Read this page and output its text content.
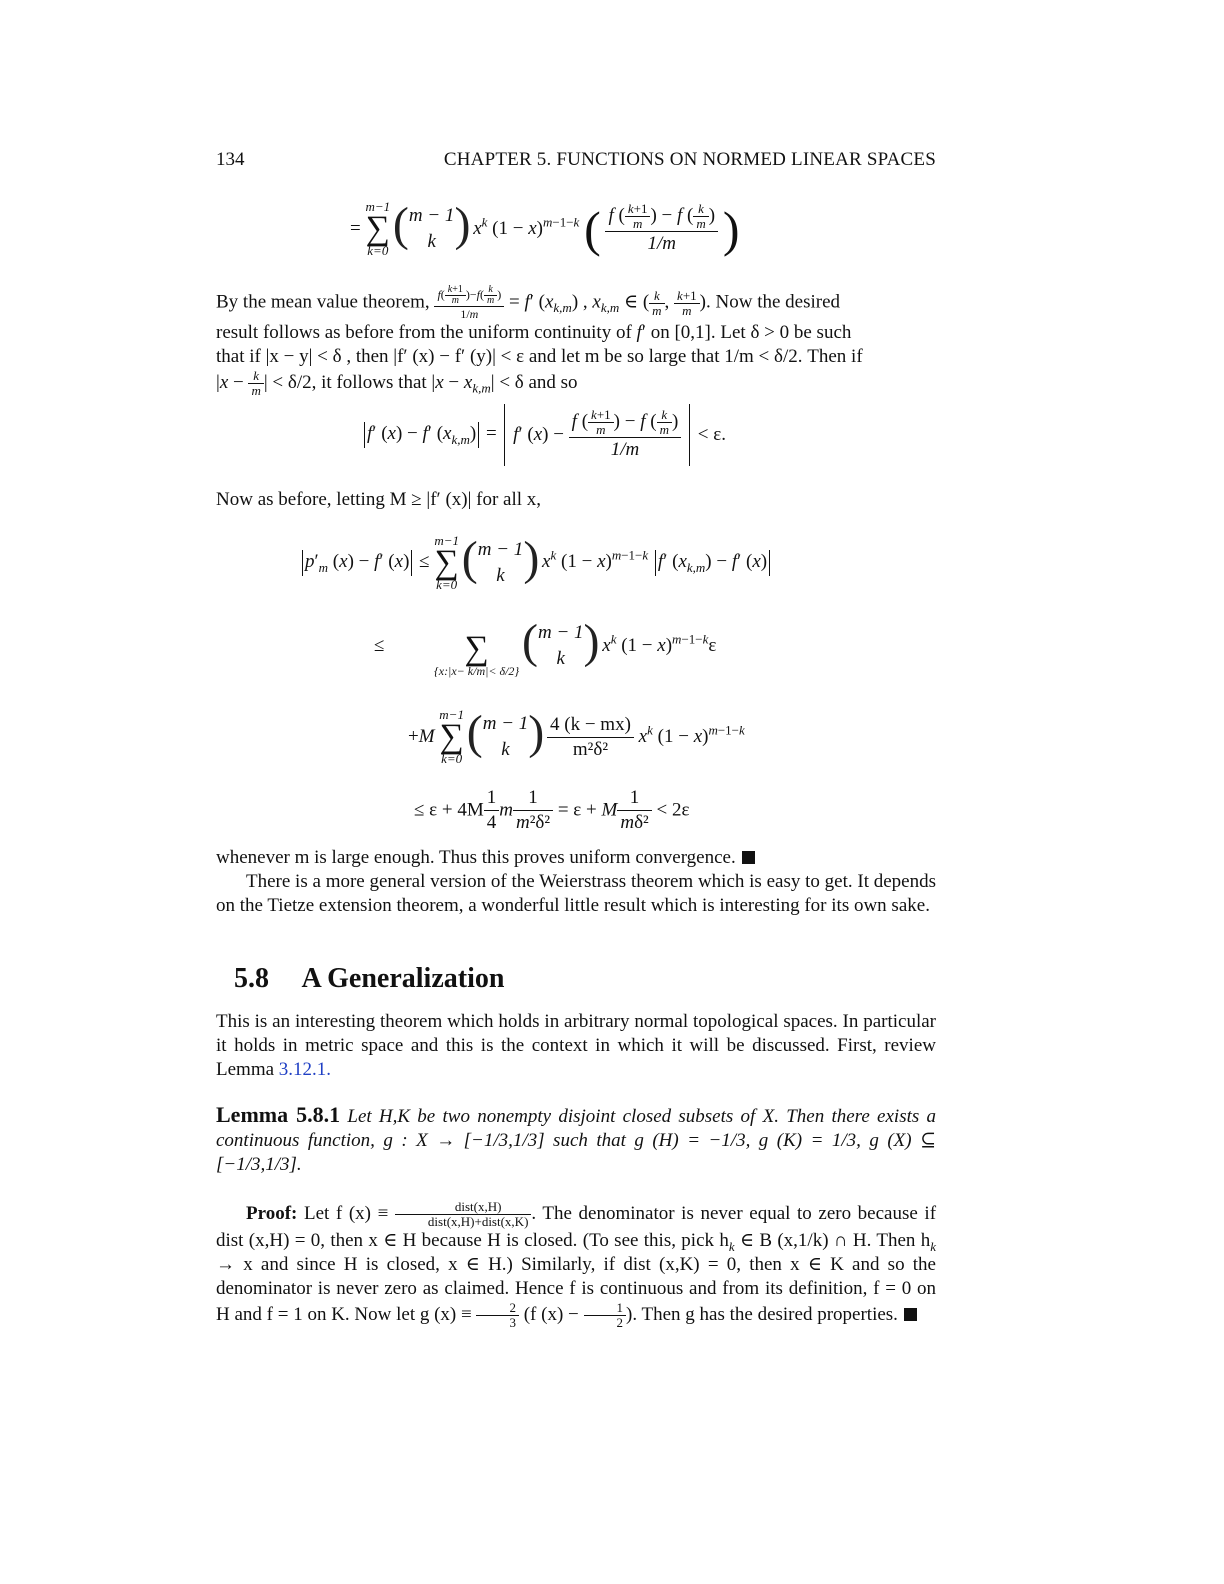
134	CHAPTER 5. FUNCTIONS ON NORMED LINEAR SPACES
=
m−1
∑
k=0
( m − 1
k ) $x^k$ $(1 - x)^{m-1-k}$ ( $\frac{f ( \frac{k+1}{m} ) - f ( \frac{k}{m} )}{1/m}$ )
By the mean value theorem, $\frac{f( \frac{k+1}{m} )-f( \frac{k}{m} )}{1/m} = f'$ $(x_{k,m})$ , $x_{k,m}$ ∈ ( $\frac{k}{m}$ , $\frac{k+1}{m}$ ). Now the desired
result follows as before from the uniform continuity of f′ on [0,1]. Let δ > 0 be such
that if |x − y| < δ , then |f′ (x) − f′ (y)| < ε and let m be so large that 1/m < δ/2. Then if
$|x - \frac{k}{m}$ | < δ/2, it follows that $|x - x_{k,m}| < \delta$ and so
f′ (x) − f′ $(x_{k,m}) = f'$ $(x) - \frac{f ( \frac{k+1}{m} ) - f ( \frac{k}{m} )}{1/m} < \varepsilon$.
Now as before, letting M ≥ |f′ (x)| for all x,
$p'_m$ (x) − f′ (x) ≤
m−1
∑
k=0
( m − 1
k ) $x^k$ $(1 - x)^{m-1-k}$ f′ $(x_{k,m}) - f'$ (x)
≤	∑
{x:|x− k/m|< δ/2}

( m − 1
k ) $x^k$ $(1 - x)^{m-1-k}\varepsilon$
+M
m−1
∑
k=0
( m − 1
k )
$\frac{4 (k - mx)}{\text{m²δ²}} x^k$ $(1 - x)^{m-1-k}$
≤ $\varepsilon + 4M \frac{1}{4}$ m $\frac{1}{\text{m²δ²}} = \varepsilon + M \frac{1}{\text{mδ²}} < 2\varepsilon$
whenever m is large enough. Thus this proves uniform convergence.
There is a more general version of the Weierstrass theorem which is easy to get. It depends on the Tietze extension theorem, a wonderful little result which is interesting for its own sake.
5.8 A Generalization
This is an interesting theorem which holds in arbitrary normal topological spaces. In particular it holds in metric space and this is the context in which it will be discussed. First, review Lemma 3.12.1.
Lemma 5.8.1 Let H,K be two nonempty disjoint closed subsets of X. Then there exists a continuous function, g : X → [−1/3,1/3] such that g (H) = −1/3, g (K) = 1/3, g (X) ⊆ [−1/3,1/3].
Proof: Let f $(x) \equiv \frac{\text{dist(x,H)}}{\text{dist(x,H)+dist(x,K)}}$ . The denominator is never equal to zero because if dist (x,H) = 0, then x ∈ H because H is closed. (To see this, pick $h_k$ ∈ B (x,1/k) ∩ H. Then $h_k \to x$ and since H is closed, x ∈ H.) Similarly, if dist (x,K) = 0, then x ∈ K and so the denominator is never zero as claimed. Hence f is continuous and from its definition, f = 0 on H and f = 1 on K. Now let g $(x) \equiv \frac{2}{3} (f$ $(x) - \frac{1}{2}$ ). Then g has the desired properties.
